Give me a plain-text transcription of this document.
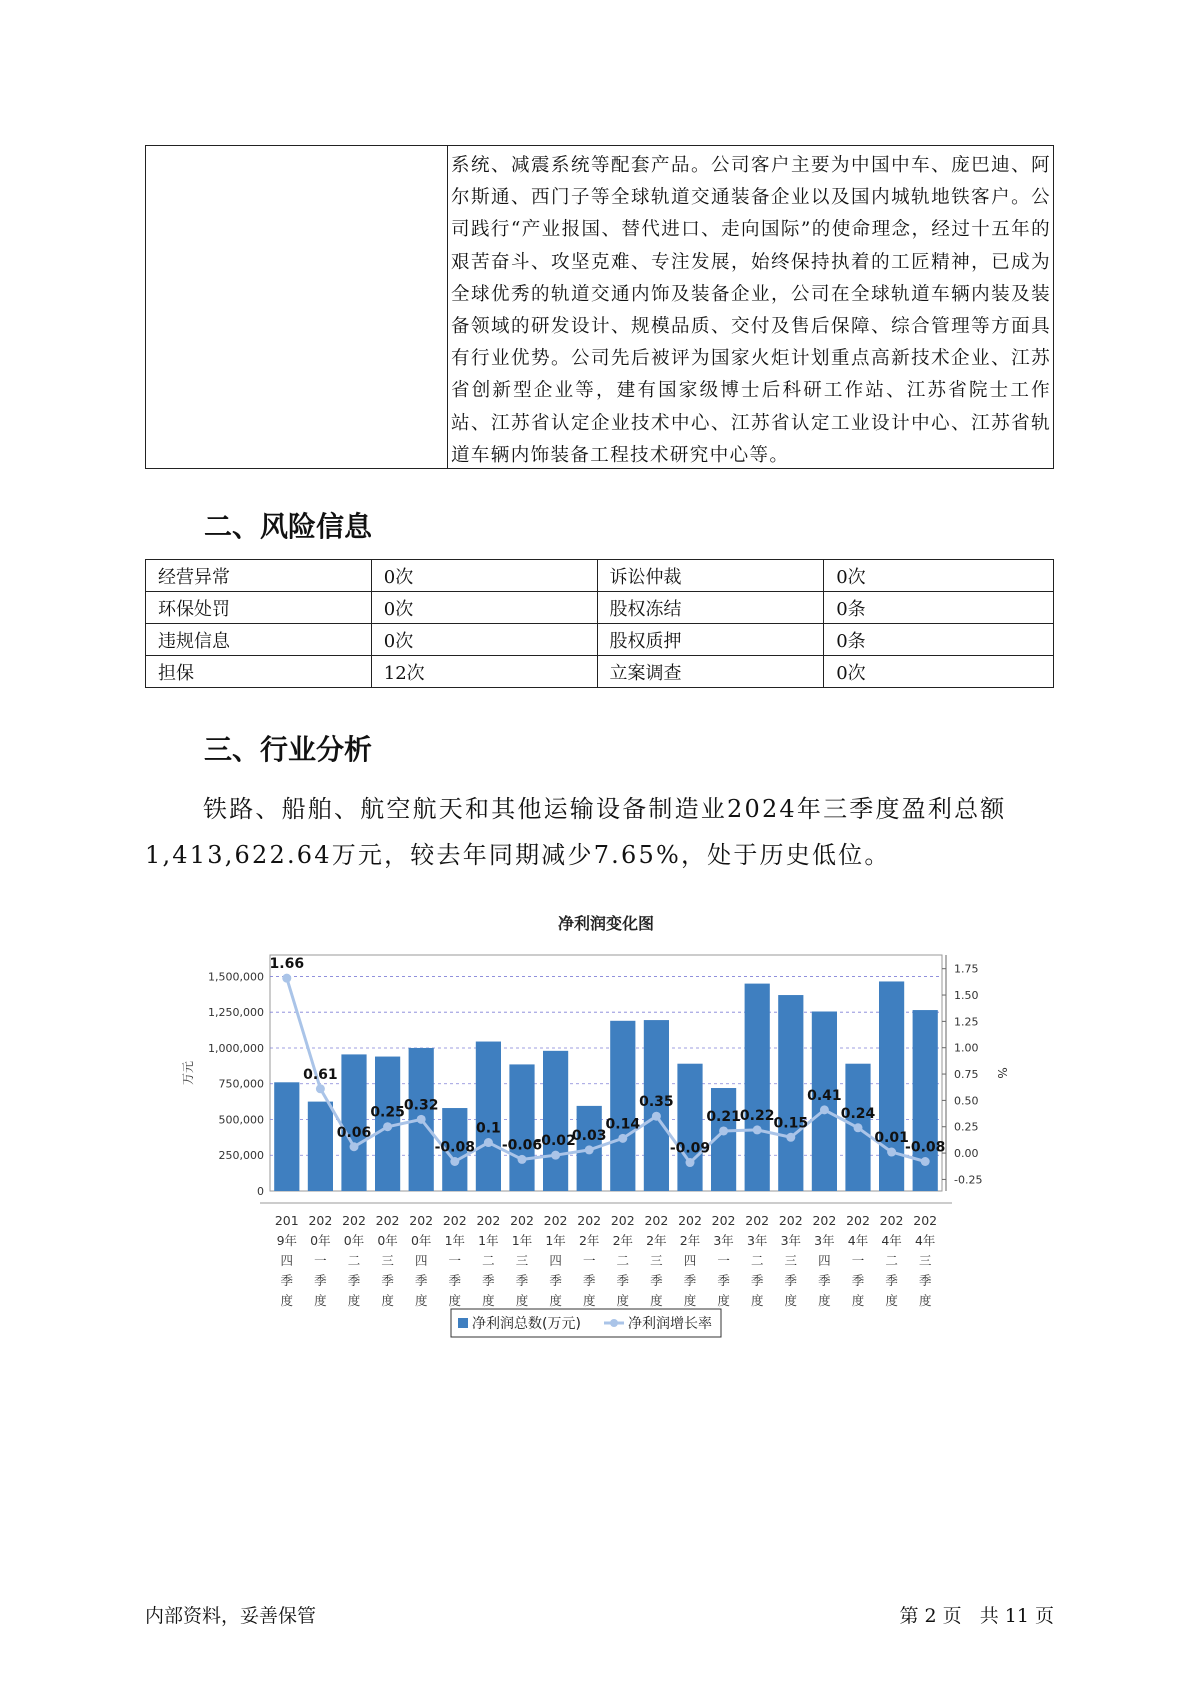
系统、减震系统等配套产品。公司客户主要为中国中车、庞巴迪、阿尔斯通、西门子等全球轨道交通装备企业以及国内城轨地铁客户。公司践行“产业报国、替代进口、走向国际”的使命理念，经过十五年的艰苦奋斗、攻坚克难、专注发展，始终保持执着的工匠精神，已成为全球优秀的轨道交通内饰及装备企业，公司在全球轨道车辆内装及装备领域的研发设计、规模品质、交付及售后保障、综合管理等方面具有行业优势。公司先后被评为国家火炬计划重点高新技术企业、江苏省创新型企业等，建有国家级博士后科研工作站、江苏省院士工作站、江苏省认定企业技术中心、江苏省认定工业设计中心、江苏省轨道车辆内饰装备工程技术研究中心等。
二、风险信息
经营异常	0次	诉讼仲裁	0次
环保处罚	0次	股权冻结	0条
违规信息	0次	股权质押	0条
担保	12次	立案调查	0次
三、行业分析
铁路、船舶、航空航天和其他运输设备制造业2024年三季度盈利总额
1,413,622.64万元，较去年同期减少7.65%，处于历史低位。
净利润变化图
0
250,000
500,000
750,000
1,000,000
1,250,000
1,500,000
-0.25
0.00
0.25
0.50
0.75
1.00
1.25
1.50
1.75
万元	%
1.66
0.61
0.06
0.25 0.32
-0.08
0.1
-0.06
-0.02
0.03
0.14
0.35
-0.09
0.21 0.22 0.15
0.41
0.24
0.01
-0.08
201
9年
四
季
度
202
0年
一
季
度
202
0年
二
季
度
202
0年
三
季
度
202
0年
四
季
度
202
1年
一
季
度
202
1年
二
季
度
202
1年
三
季
度
202
1年
四
季
度
202
2年
一
季
度
202
2年
二
季
度
202
2年
三
季
度
202
2年
四
季
度
202
3年
一
季
度
202
3年
二
季
度
202
3年
三
季
度
202
3年
四
季
度
202
4年
一
季
度
202
4年
二
季
度
202
4年
三
季
度
净利润总数(万元)	净利润增长率
内部资料，妥善保管	第 2 页   共 11 页
